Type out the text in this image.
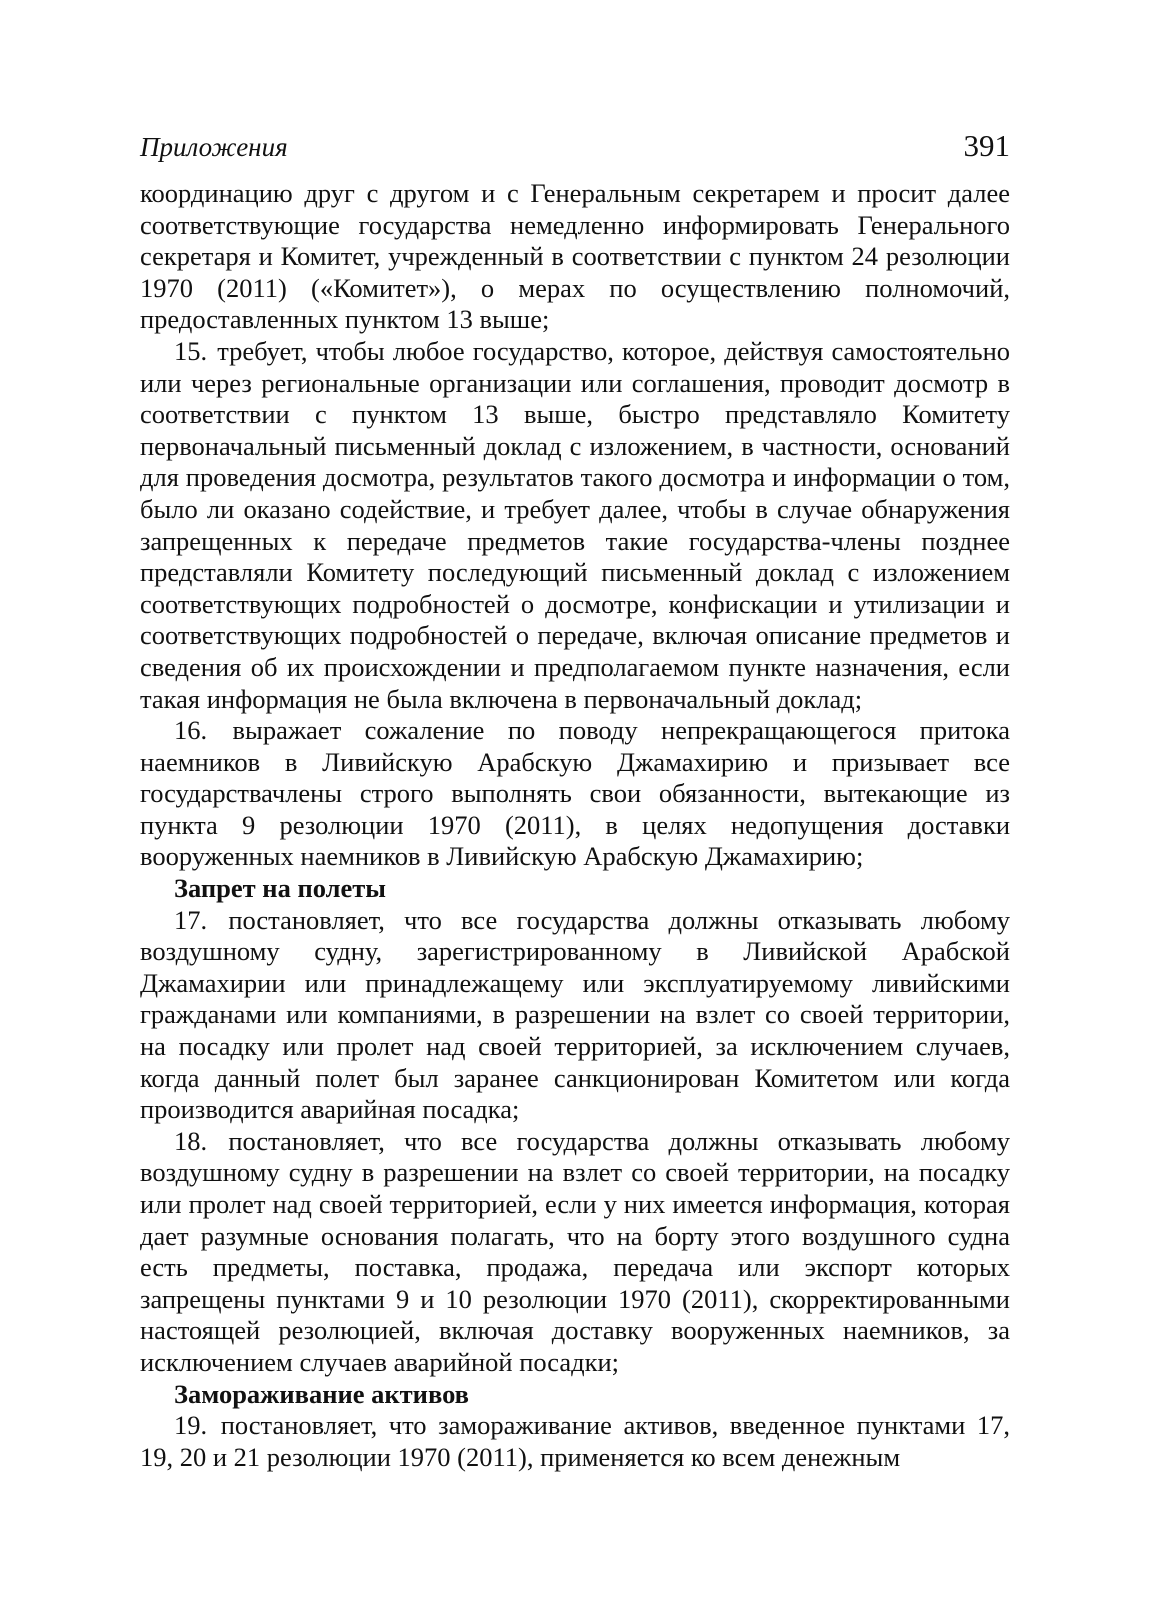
Приложения	391

координацию друг с другом и с Генеральным секретарем и просит далее соответствующие государства немедленно информировать Генерального секретаря и Комитет, учрежденный в соответствии с пунктом 24 резолюции 1970 (2011) («Комитет»), о мерах по осуществлению полномочий, предоставленных пунктом 13 выше;

15. требует, чтобы любое государство, которое, действуя самостоятельно или через региональные организации или соглашения, проводит досмотр в соответствии с пунктом 13 выше, быстро представляло Комитету первоначальный письменный доклад с изложением, в частности, оснований для проведения досмотра, результатов такого досмотра и информации о том, было ли оказано содействие, и требует далее, чтобы в случае обнаружения запрещенных к передаче предметов такие государства-члены позднее представляли Комитету последующий письменный доклад с изложением соответствующих подробностей о досмотре, конфискации и утилизации и соответствующих подробностей о передаче, включая описание предметов и сведения об их происхождении и предполагаемом пункте назначения, если такая информация не была включена в первоначальный доклад;

16. выражает сожаление по поводу непрекращающегося притока наемников в Ливийскую Арабскую Джамахирию и призывает все государствачлены строго выполнять свои обязанности, вытекающие из пункта 9 резолюции 1970 (2011), в целях недопущения доставки вооруженных наемников в Ливийскую Арабскую Джамахирию;

Запрет на полеты

17. постановляет, что все государства должны отказывать любому воздушному судну, зарегистрированному в Ливийской Арабской Джамахирии или принадлежащему или эксплуатируемому ливийскими гражданами или компаниями, в разрешении на взлет со своей территории, на посадку или пролет над своей территорией, за исключением случаев, когда данный полет был заранее санкционирован Комитетом или когда производится аварийная посадка;

18. постановляет, что все государства должны отказывать любому воздушному судну в разрешении на взлет со своей территории, на посадку или пролет над своей территорией, если у них имеется информация, которая дает разумные основания полагать, что на борту этого воздушного судна есть предметы, поставка, продажа, передача или экспорт которых запрещены пунктами 9 и 10 резолюции 1970 (2011), скорректированными настоящей резолюцией, включая доставку вооруженных наемников, за исключением случаев аварийной посадки;

Замораживание активов

19. постановляет, что замораживание активов, введенное пунктами 17, 19, 20 и 21 резолюции 1970 (2011), применяется ко всем денежным
